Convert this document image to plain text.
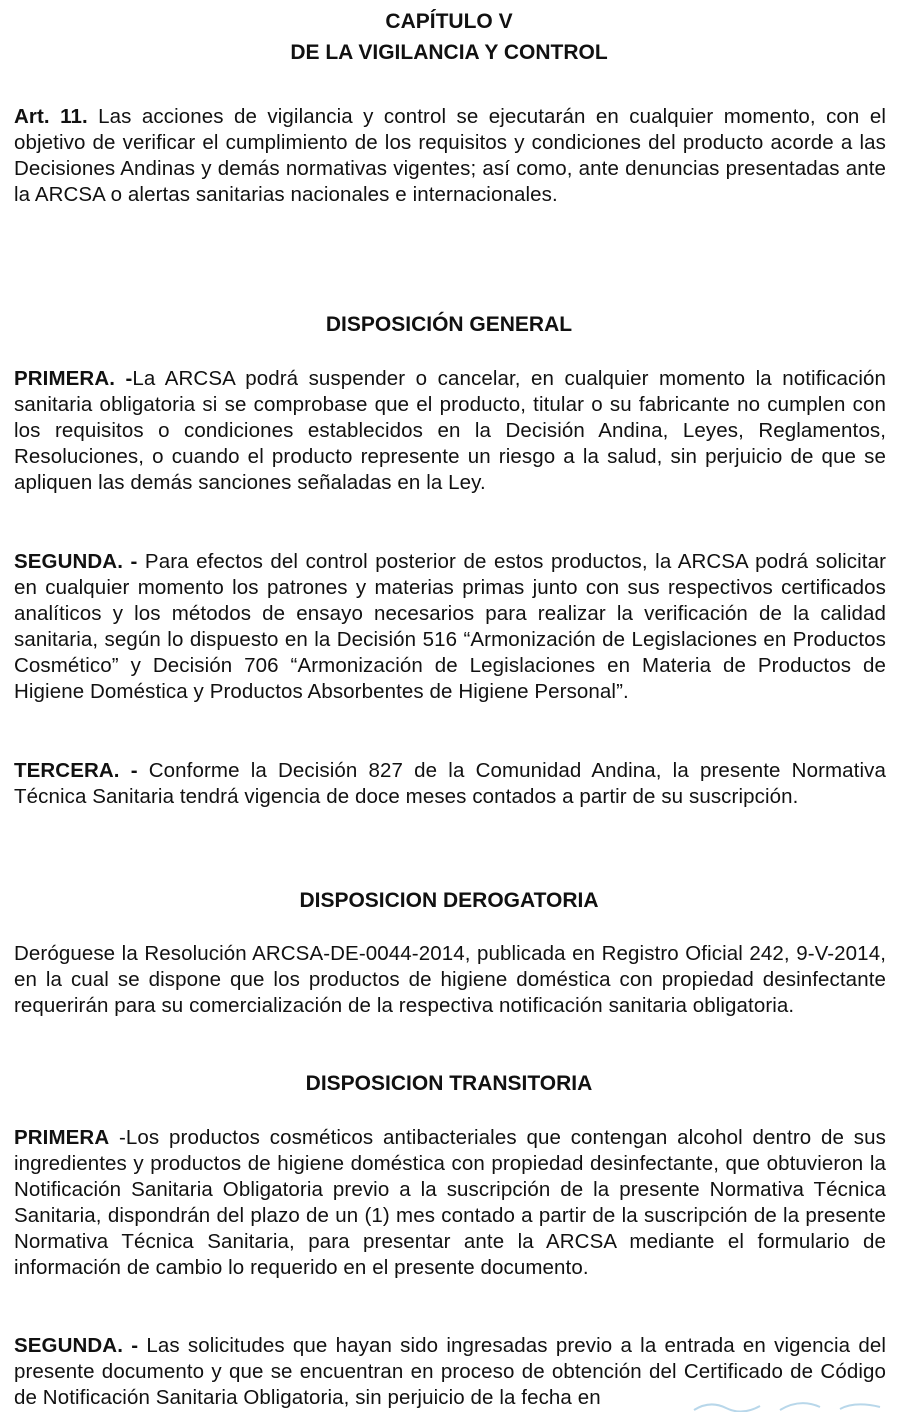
CAPÍTULO V
DE LA VIGILANCIA Y CONTROL

Art. 11. Las acciones de vigilancia y control se ejecutarán en cualquier momento, con el objetivo de verificar el cumplimiento de los requisitos y condiciones del producto acorde a las Decisiones Andinas y demás normativas vigentes; así como, ante denuncias presentadas ante la ARCSA o alertas sanitarias nacionales e internacionales.

DISPOSICIÓN GENERAL

PRIMERA. -La ARCSA podrá suspender o cancelar, en cualquier momento la notificación sanitaria obligatoria si se comprobase que el producto, titular o su fabricante no cumplen con los requisitos o condiciones establecidos en la Decisión Andina, Leyes, Reglamentos, Resoluciones, o cuando el producto represente un riesgo a la salud, sin perjuicio de que se apliquen las demás sanciones señaladas en la Ley.

SEGUNDA. - Para efectos del control posterior de estos productos, la ARCSA podrá solicitar en cualquier momento los patrones y materias primas junto con sus respectivos certificados analíticos y los métodos de ensayo necesarios para realizar la verificación de la calidad sanitaria, según lo dispuesto en la Decisión 516 “Armonización de Legislaciones en Productos Cosmético” y Decisión 706 “Armonización de Legislaciones en Materia de Productos de Higiene Doméstica y Productos Absorbentes de Higiene Personal”.

TERCERA. - Conforme la Decisión 827 de la Comunidad Andina, la presente Normativa Técnica Sanitaria tendrá vigencia de doce meses contados a partir de su suscripción.

DISPOSICION DEROGATORIA

Deróguese la Resolución ARCSA-DE-0044-2014, publicada en Registro Oficial 242, 9-V-2014, en la cual se dispone que los productos de higiene doméstica con propiedad desinfectante requerirán para su comercialización de la respectiva notificación sanitaria obligatoria.

DISPOSICION TRANSITORIA

PRIMERA -Los productos cosméticos antibacteriales que contengan alcohol dentro de sus ingredientes y productos de higiene doméstica con propiedad desinfectante, que obtuvieron la Notificación Sanitaria Obligatoria previo a la suscripción de la presente Normativa Técnica Sanitaria, dispondrán del plazo de un (1) mes contado a partir de la suscripción de la presente Normativa Técnica Sanitaria, para presentar ante la ARCSA mediante el formulario de información de cambio lo requerido en el presente documento.

SEGUNDA. - Las solicitudes que hayan sido ingresadas previo a la entrada en vigencia del presente documento y que se encuentran en proceso de obtención del Certificado de Código de Notificación Sanitaria Obligatoria, sin perjuicio de la fecha en
